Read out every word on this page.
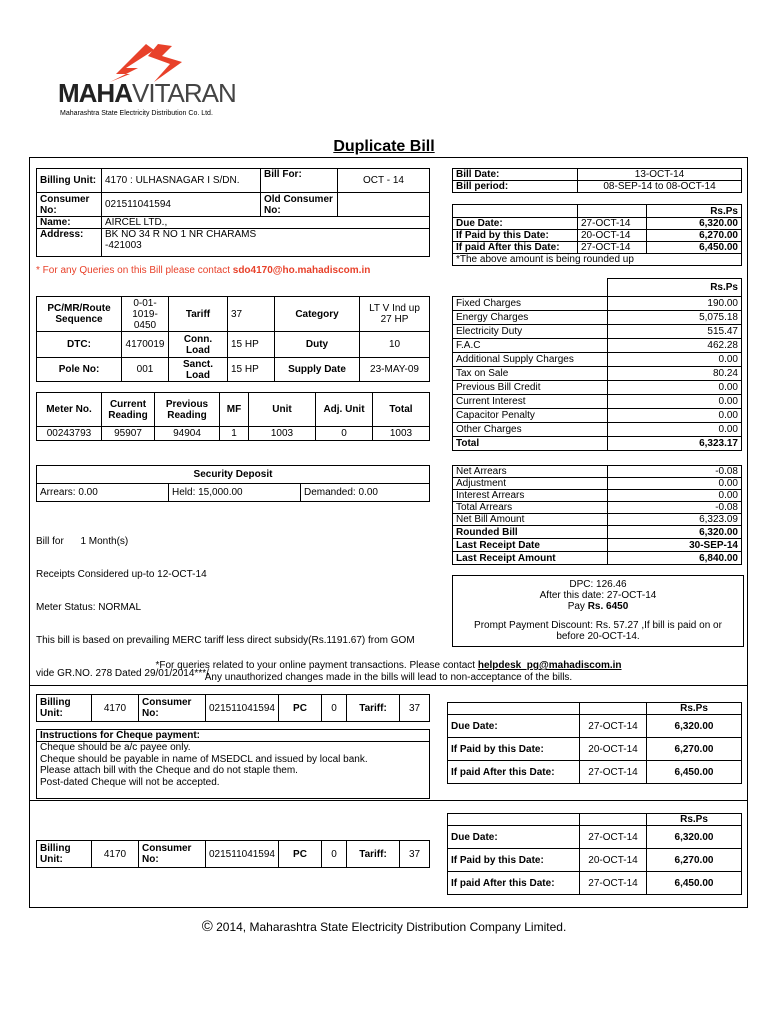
MAHAVITARAN
Maharashtra State Electricity Distribution Co. Ltd.
Duplicate Bill
Billing Unit:	4170 : ULHASNAGAR I S/DN.	Bill For:	OCT - 14
Consumer No:	021511041594	Old Consumer No:	
Name:	AIRCEL LTD.,		
Address:	BK NO 34 R NO 1 NR CHARAMS
-421003		
* For any Queries on this Bill please contact sdo4170@ho.mahadiscom.in
Bill Date:	13-OCT-14
Bill period:	08-SEP-14 to 08-OCT-14
		Rs.Ps
Due Date:	27-OCT-14	6,320.00
If Paid by this Date:	20-OCT-14	6,270.00
If paid After this Date:	27-OCT-14	6,450.00
*The above amount is being rounded up		
PC/MR/Route Sequence	0-01-1019-0450	Tariff	37	Category	LT V Ind up 27 HP
DTC:	4170019	Conn. Load	15 HP	Duty	10
Pole No:	001	Sanct. Load	15 HP	Supply Date	23-MAY-09
Meter No.	Current Reading	Previous Reading	MF	Unit	Adj. Unit	Total
00243793	95907	94904	1	1003	0	1003
Security Deposit
Arrears: 0.00	Held: 15,000.00	Demanded: 0.00

Bill for      1 Month(s)

Receipts Considered up-to 12-OCT-14

Meter Status: NORMAL

This bill is based on prevailing MERC tariff less direct subsidy(Rs.1191.67) from GOM

vide GR.NO. 278 Dated 29/01/2014***/

	Rs.Ps
Fixed Charges	190.00
Energy Charges	5,075.18
Electricity Duty	515.47
F.A.C	462.28
Additional Supply Charges	0.00
Tax on Sale	80.24
Previous Bill Credit	0.00
Current Interest	0.00
Capacitor Penalty	0.00
Other Charges	0.00
Total	6,323.17
Net Arrears	-0.08
Adjustment	0.00
Interest Arrears	0.00
Total Arrears	-0.08
Net Bill Amount	6,323.09
Rounded Bill	6,320.00
Last Receipt Date	30-SEP-14
Last Receipt Amount	6,840.00
DPC: 126.46
After this date: 27-OCT-14
Pay Rs. 6450
Prompt Payment Discount: Rs. 57.27 ,If bill is paid on or
before 20-OCT-14.
*For queries related to your online payment transactions. Please contact helpdesk_pg@mahadiscom.in
Any unauthorized changes made in the bills will lead to non-acceptance of the bills.
Billing Unit:	4170	Consumer No:	021511041594	PC	0	Tariff:	37
Instructions for Cheque payment:

Cheque should be a/c payee only.
Cheque should be payable in name of MSEDCL and issued by local bank.
Please attach bill with the Cheque and do not staple them.
Post-dated Cheque will not be accepted.

		Rs.Ps
Due Date:	27-OCT-14	6,320.00
If Paid by this Date:	20-OCT-14	6,270.00
If paid After this Date:	27-OCT-14	6,450.00
Billing Unit:	4170	Consumer No:	021511041594	PC	0	Tariff:	37
		Rs.Ps
Due Date:	27-OCT-14	6,320.00
If Paid by this Date:	20-OCT-14	6,270.00
If paid After this Date:	27-OCT-14	6,450.00
© 2014, Maharashtra State Electricity Distribution Company Limited.
